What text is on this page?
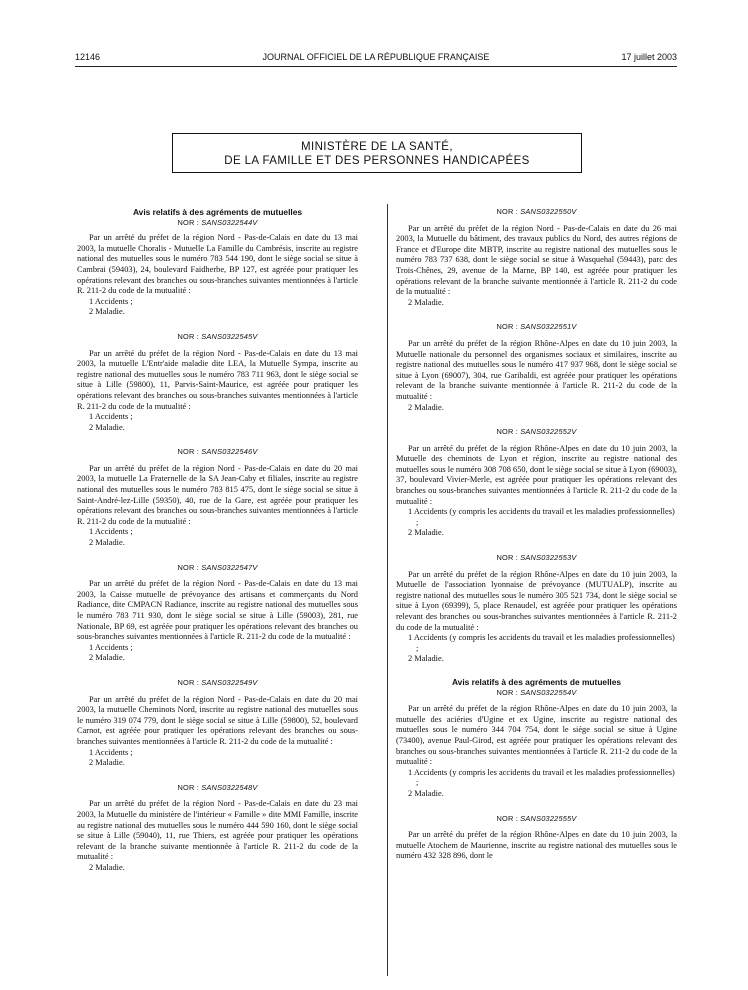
12146	JOURNAL OFFICIEL DE LA RÉPUBLIQUE FRANÇAISE	17 juillet 2003
MINISTÈRE DE LA SANTÉ,
DE LA FAMILLE ET DES PERSONNES HANDICAPÉES

Avis relatifs à des agréments de mutuelles

NOR : SANS0322544V

Par un arrêté du préfet de la région Nord - Pas-de-Calais en date du 13 mai 2003, la mutuelle Choralis - Mutuelle La Famille du Cambrésis, inscrite au registre national des mutuelles sous le numéro 783 544 190, dont le siège social se situe à Cambrai (59403), 24, boulevard Faidherbe, BP 127, est agréée pour pratiquer les opérations relevant des branches ou sous-branches suivantes mentionnées à l'article R. 211-2 du code de la mutualité :

1 Accidents ;

2 Maladie.

NOR : SANS0322545V

Par un arrêté du préfet de la région Nord - Pas-de-Calais en date du 13 mai 2003, la mutuelle L'Entr'aide maladie dite LEA, la Mutuelle Sympa, inscrite au registre national des mutuelles sous le numéro 783 711 963, dont le siège social se situe à Lille (59800), 11, Parvis-Saint-Maurice, est agréée pour pratiquer les opérations relevant des branches ou sous-branches suivantes mentionnées à l'article R. 211-2 du code de la mutualité :

1 Accidents ;

2 Maladie.

NOR : SANS0322546V

Par un arrêté du préfet de la région Nord - Pas-de-Calais en date du 20 mai 2003, la mutuelle La Fraternelle de la SA Jean-Caby et filiales, inscrite au registre national des mutuelles sous le numéro 783 815 475, dont le siège social se situe à Saint-André-lez-Lille (59350), 40, rue de la Gare, est agréée pour pratiquer les opérations relevant des branches ou sous-branches suivantes mentionnées à l'article R. 211-2 du code de la mutualité :

1 Accidents ;

2 Maladie.

NOR : SANS0322547V

Par un arrêté du préfet de la région Nord - Pas-de-Calais en date du 13 mai 2003, la Caisse mutuelle de prévoyance des artisans et commerçants du Nord Radiance, dite CMPACN Radiance, inscrite au registre national des mutuelles sous le numéro 783 711 930, dont le siège social se situe à Lille (59003), 281, rue Nationale, BP 69, est agréée pour pratiquer les opérations relevant des branches ou sous-branches suivantes mentionnées à l'article R. 211-2 du code de la mutualité :

1 Accidents ;

2 Maladie.

NOR : SANS0322549V

Par un arrêté du préfet de la région Nord - Pas-de-Calais en date du 20 mai 2003, la mutuelle Cheminots Nord, inscrite au registre national des mutuelles sous le numéro 319 074 779, dont le siège social se situe à Lille (59800), 52, boulevard Carnot, est agréée pour pratiquer les opérations relevant des branches ou sous-branches suivantes mentionnées à l'article R. 211-2 du code de la mutualité :

1 Accidents ;

2 Maladie.

NOR : SANS0322548V

Par un arrêté du préfet de la région Nord - Pas-de-Calais en date du 23 mai 2003, la Mutuelle du ministère de l'intérieur « Famille » dite MMI Famille, inscrite au registre national des mutuelles sous le numéro 444 590 160, dont le siège social se situe à Lille (59040), 11, rue Thiers, est agréée pour pratiquer les opérations relevant de la branche suivante mentionnée à l'article R. 211-2 du code de la mutualité :

2 Maladie.

NOR : SANS0322550V

Par un arrêté du préfet de la région Nord - Pas-de-Calais en date du 26 mai 2003, la Mutuelle du bâtiment, des travaux publics du Nord, des autres régions de France et d'Europe dite MBTP, inscrite au registre national des mutuelles sous le numéro 783 737 638, dont le siège social se situe à Wasquehal (59443), parc des Trois-Chênes, 29, avenue de la Marne, BP 140, est agréée pour pratiquer les opérations relevant de la branche suivante mentionnée à l'article R. 211-2 du code de la mutualité :

2 Maladie.

NOR : SANS0322551V

Par un arrêté du préfet de la région Rhône-Alpes en date du 10 juin 2003, la Mutuelle nationale du personnel des organismes sociaux et similaires, inscrite au registre national des mutuelles sous le numéro 417 937 968, dont le siège social se situe à Lyon (69007), 304, rue Garibaldi, est agréée pour pratiquer les opérations relevant de la branche suivante mentionnée à l'article R. 211-2 du code de la mutualité :

2 Maladie.

NOR : SANS0322552V

Par un arrêté du préfet de la région Rhône-Alpes en date du 10 juin 2003, la Mutuelle des cheminots de Lyon et région, inscrite au registre national des mutuelles sous le numéro 308 708 650, dont le siège social se situe à Lyon (69003), 37, boulevard Vivier-Merle, est agréée pour pratiquer les opérations relevant des branches ou sous-branches suivantes mentionnées à l'article R. 211-2 du code de la mutualité :

1 Accidents (y compris les accidents du travail et les maladies professionnelles) ;

2 Maladie.

NOR : SANS0322553V

Par un arrêté du préfet de la région Rhône-Alpes en date du 10 juin 2003, la Mutuelle de l'association lyonnaise de prévoyance (MUTUALP), inscrite au registre national des mutuelles sous le numéro 305 521 734, dont le siège social se situe à Lyon (69399), 5, place Renaudel, est agréée pour pratiquer les opérations relevant des branches ou sous-branches suivantes mentionnées à l'article R. 211-2 du code de la mutualité :

1 Accidents (y compris les accidents du travail et les maladies professionnelles) ;

2 Maladie.

Avis relatifs à des agréments de mutuelles

NOR : SANS0322554V

Par un arrêté du préfet de la région Rhône-Alpes en date du 10 juin 2003, la mutuelle des aciéries d'Ugine et ex Ugine, inscrite au registre national des mutuelles sous le numéro 344 704 754, dont le siège social se situe à Ugine (73400), avenue Paul-Girod, est agréée pour pratiquer les opérations relevant des branches ou sous-branches suivantes mentionnées à l'article R. 211-2 du code de la mutualité :

1 Accidents (y compris les accidents du travail et les maladies professionnelles) ;

2 Maladie.

NOR : SANS0322555V

Par un arrêté du préfet de la région Rhône-Alpes en date du 10 juin 2003, la mutuelle Atochem de Maurienne, inscrite au registre national des mutuelles sous le numéro 432 328 896, dont le
